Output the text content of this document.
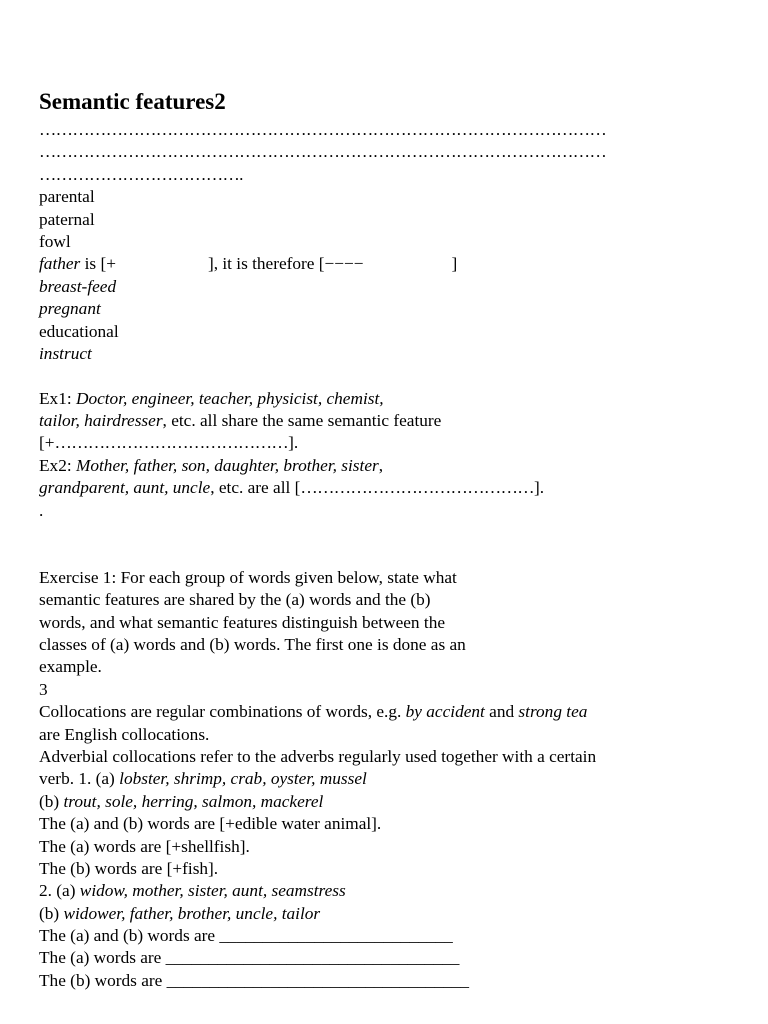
Semantic features2
…………………………………………………………………………………………
…………………………………………………………………………………………
……………………………….
parental
paternal
fowl
father is [+	], it is therefore [−−−−	]
breast-feed
pregnant
educational
instruct
Ex1: Doctor, engineer, teacher, physicist, chemist,
tailor, hairdresser, etc. all share the same semantic feature
[+……………………………………].
Ex2: Mother, father, son, daughter, brother, sister,
grandparent, aunt, uncle, etc. are all [……………………………………].
.
Exercise 1: For each group of words given below, state what
semantic features are shared by the (a) words and the (b)
words, and what semantic features distinguish between the
classes of (a) words and (b) words. The first one is done as an
example.
3
Collocations are regular combinations of words, e.g. by accident and strong tea
are English collocations.
Adverbial collocations refer to the adverbs regularly used together with a certain
verb. 1. (a) lobster, shrimp, crab, oyster, mussel
(b) trout, sole, herring, salmon, mackerel
The (a) and (b) words are [+edible water animal].
The (a) words are [+shellfish].
The (b) words are [+fish].
2. (a) widow, mother, sister, aunt, seamstress
(b) widower, father, brother, uncle, tailor
The (a) and (b) words are ___________________________
The (a) words are __________________________________
The (b) words are ___________________________________
